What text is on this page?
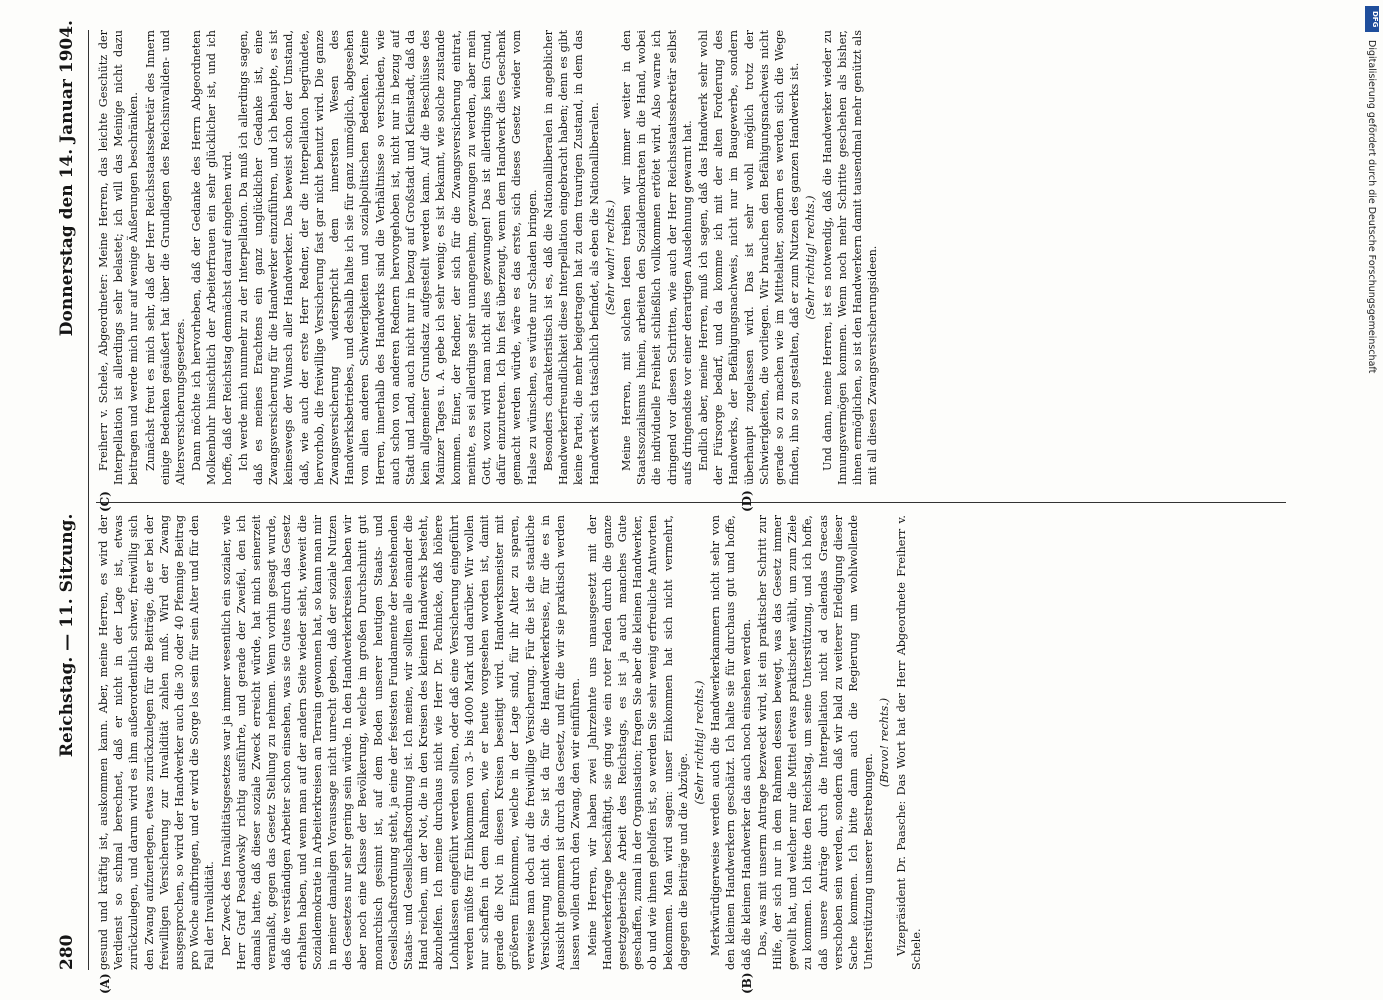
280
Reichstag. — 11. Sitzung.
Donnerstag den 14. Januar 1904.

gesund und kräftig ist, auskommen kann. Aber, meine Herren, es wird der Verdienst so schmal berechnet, daß er nicht in der Lage ist, etwas zurückzulegen, und darum wird es ihm außerordentlich schwer, freiwillig sich den Zwang aufzuerlegen, etwas zurückzulegen für die Beiträge, die er bei der freiwilligen Versicherung zur Invalidität zahlen muß. Wird der Zwang ausgesprochen, so wird der Handwerker auch die 30 oder 40 Pfennige Beitrag pro Woche aufbringen, und er wird die Sorge los sein für sein Alter und für den Fall der Invalidität. Der Zweck des Invaliditätsgesetzes war ja immer wesentlich ein sozialer, wie Herr Graf Posadowsky richtig ausführte, und gerade der Zweifel, den ich damals hatte, daß dieser soziale Zweck erreicht würde, hat mich seinerzeit veranlaßt, gegen das Gesetz Stellung zu nehmen. Wenn vorhin gesagt wurde, daß die verständigen Arbeiter schon einsehen, was sie Gutes durch das Gesetz erhalten haben, und wenn man auf der andern Seite wieder sieht, wieweit die Sozialdemokratie in Arbeiterkreisen an Terrain gewonnen hat, so kann man mir in meiner damaligen Voraussage nicht unrecht geben, daß der soziale Nutzen des Gesetzes nur sehr gering sein würde. In den Handwerkerkreisen haben wir aber noch eine Klasse der Bevölkerung, welche im großen Durchschnitt gut monarchisch gesinnt ist, auf dem Boden unserer heutigen Staats- und Gesellschaftsordnung steht, ja eine der festesten Fundamente der bestehenden Staats- und Gesellschaftsordnung ist. Ich meine, wir sollten alle einander die Hand reichen, um der Not, die in den Kreisen des kleinen Handwerks besteht, abzuhelfen. Ich meine durchaus nicht wie Herr Dr. Pachnicke, daß höhere Lohnklassen eingeführt werden sollten, oder daß eine Versicherung eingeführt werden müßte für Einkommen von 3- bis 4000 Mark und darüber. Wir wollen nur schaffen in dem Rahmen, wie er heute vorgesehen worden ist, damit gerade die Not in diesen Kreisen beseitigt wird. Handwerksmeister mit größerem Einkommen, welche in der Lage sind, für ihr Alter zu sparen, verweise man doch auf die freiwillige Versicherung. Für die ist die staatliche Versicherung nicht da. Sie ist da für die Handwerkerkreise, für die es in Aussicht genommen ist durch das Gesetz, und für die wir sie praktisch werden lassen wollen durch den Zwang, den wir einführen. Meine Herren, wir haben zwei Jahrzehnte uns unausgesetzt mit der Handwerkerfrage beschäftigt, sie ging wie ein roter Faden durch die ganze gesetzgeberische Arbeit des Reichstags, es ist ja auch manches Gute geschaffen, zumal in der Organisation; fragen Sie aber die kleinen Handwerker, ob und wie ihnen geholfen ist, so werden Sie sehr wenig erfreuliche Antworten bekommen. Man wird sagen: unser Einkommen hat sich nicht vermehrt, dagegen die Beiträge und die Abzüge.

(Sehr richtig! rechts.) Merkwürdigerweise werden auch die Handwerkerkammern nicht sehr von den kleinen Handwerkern geschätzt. Ich halte sie für durchaus gut und hoffe, daß die kleinen Handwerker das auch noch einsehen werden. Das, was mit unserm Antrage bezweckt wird, ist ein praktischer Schritt zur Hilfe, der sich nur in dem Rahmen dessen bewegt, was das Gesetz immer gewollt hat, und welcher nur die Mittel etwas praktischer wählt, um zum Ziele zu kommen. Ich bitte den Reichstag, um seine Unterstützung, und ich hoffe, daß unsere Anträge durch die Interpellation nicht ad calendas Graecas verschoben sein werden, sondern daß wir bald zu weiterer Erledigung dieser Sache kommen. Ich bitte dann auch die Regierung um wohlwollende Unterstützung unserer Bestrebungen.

(Bravo! rechts.) Vizepräsident Dr. Paasche: Das Wort hat der Herr Abgeordnete Freiherr v. Schele.

Freiherr v. Schele, Abgeordneter: Meine Herren, das leichte Geschütz der Interpellation ist allerdings sehr belastet; ich will das Meinige nicht dazu beitragen und werde mich nur auf wenige Äußerungen beschränken. Zunächst freut es mich sehr, daß der Herr Reichsstaatssekretär des Innern einige Bedenken geäußert hat über die Grundlagen des Reichsinvaliden- und Altersversicherungsgesetzes. Dann möchte ich hervorheben, daß der Gedanke des Herrn Abgeordneten Molkenbuhr hinsichtlich der Arbeiterfrauen ein sehr glücklicher ist, und ich hoffe, daß der Reichstag demnächst darauf eingehen wird. Ich werde mich nunmehr zu der Interpellation. Da muß ich allerdings sagen, daß es meines Erachtens ein ganz unglücklicher Gedanke ist, eine Zwangsversicherung für die Handwerker einzuführen, und ich behaupte, es ist keineswegs der Wunsch aller Handwerker. Das beweist schon der Umstand, daß, wie auch der erste Herr Redner, der die Interpellation begründete, hervorhob, die freiwillige Versicherung fast gar nicht benutzt wird. Die ganze Zwangsversicherung widerspricht dem innersten Wesen des Handwerksbetriebes, und deshalb halte ich sie für ganz unmöglich, abgesehen von allen anderen Schwierigkeiten und sozialpolitischen Bedenken. Meine Herren, innerhalb des Handwerks sind die Verhältnisse so verschieden, wie auch schon von anderen Rednern hervorgehoben ist, nicht nur in bezug auf Stadt und Land, auch nicht nur in bezug auf Großstadt und Kleinstadt, daß da kein allgemeiner Grundsatz aufgestellt werden kann. Auf die Beschlüsse des Mainzer Tages u. A. gebe ich sehr wenig; es ist bekannt, wie solche zustande kommen. Einer, der Redner, der sich für die Zwangsversicherung eintrat, meinte, es sei allerdings sehr unangenehm, gezwungen zu werden, aber mein Gott, wozu wird man nicht alles gezwungen! Das ist allerdings kein Grund, dafür einzutreten. Ich bin fest überzeugt, wenn dem Handwerk dies Geschenk gemacht werden würde, wäre es das erste, sich dieses Gesetz wieder vom Halse zu wünschen, es würde nur Schaden bringen. Besonders charakteristisch ist es, daß die Nationalliberalen in angeblicher Handwerkerfreundlichkeit diese Interpellation eingebracht haben; denn es gibt keine Partei, die mehr beigetragen hat zu dem traurigen Zustand, in dem das Handwerk sich tatsächlich befindet, als eben die Nationalliberalen. (Sehr wahr! rechts.) Meine Herren, mit solchen Ideen treiben wir immer weiter in den Staatssozialismus hinein, arbeiten den Sozialdemokraten in die Hand, wobei die individuelle Freiheit schließlich vollkommen ertötet wird. Also warne ich dringend vor diesen Schritten, wie auch der Herr Reichsstaatssekretär selbst aufs dringendste vor einer derartigen Ausdehnung gewarnt hat. Endlich aber, meine Herren, muß ich sagen, daß das Handwerk sehr wohl der Fürsorge bedarf, und da komme ich mit der alten Forderung des Handwerks, der Befähigungsnachweis, nicht nur im Baugewerbe, sondern überhaupt zugelassen wird. Das ist sehr wohl möglich trotz der Schwierigkeiten, die vorliegen. Wir brauchen den Befähigungsnachweis nicht gerade so zu machen wie im Mittelalter, sondern es werden sich die Wege finden, ihn so zu gestalten, daß er zum Nutzen des ganzen Handwerks ist. (Sehr richtig! rechts.) Und dann, meine Herren, ist es notwendig, daß die Handwerker wieder zu Innungsvermögen kommen. Wenn noch mehr Schritte geschehen als bisher, ihnen ermöglichen, so ist den Handwerkern damit tausendmal mehr genützt als mit all diesen Zwangsversicherungsideen.

(A)	(B)
(C)	(D)
DFG
Digitalisierung gefördert durch die Deutsche Forschungsgemeinschaft
